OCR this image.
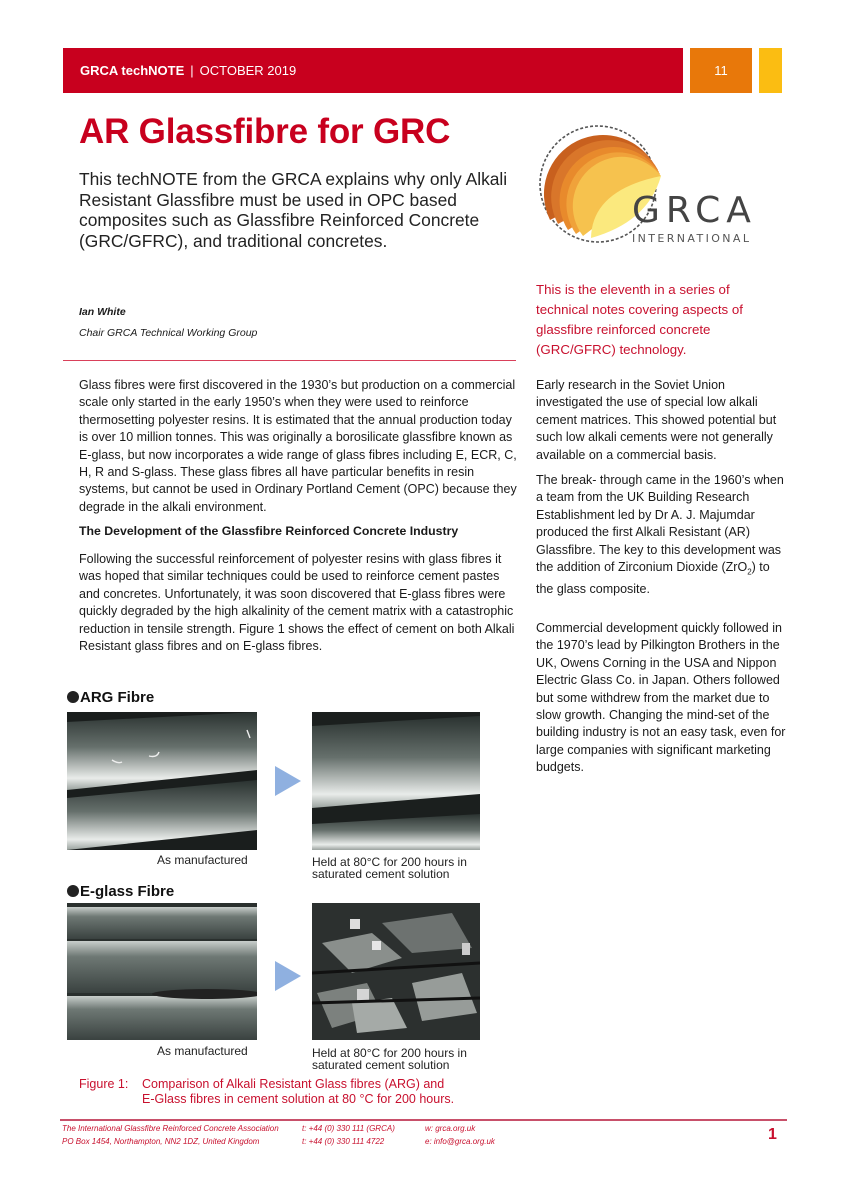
GRCA techNOTE | OCTOBER 2019	11
AR Glassfibre for GRC
This techNOTE from the GRCA explains why only Alkali Resistant Glassfibre must be used in OPC based composites such as Glassfibre Reinforced Concrete (GRC/GFRC), and traditional concretes.
GRCA
INTERNATIONAL
This is the eleventh in a series of technical notes covering aspects of glassfibre reinforced concrete (GRC/GFRC) technology.
Ian White
Chair GRCA Technical Working Group
Glass fibres were first discovered in the 1930’s but production on a commercial scale only started in the early 1950’s when they were used to reinforce thermosetting polyester resins. It is estimated that the annual production today is over 10 million tonnes. This was originally a borosilicate glassfibre known as E-glass, but now incorporates a wide range of glass fibres including E, ECR, C, H, R and S-glass. These glass fibres all have particular benefits in resin systems, but cannot be used in Ordinary Portland Cement (OPC) because they degrade in the alkali environment.
The Development of the Glassfibre Reinforced Concrete Industry
Following the successful reinforcement of polyester resins with glass fibres it was hoped that similar techniques could be used to reinforce cement pastes and concretes. Unfortunately, it was soon discovered that E-glass fibres were quickly degraded by the high alkalinity of the cement matrix with a catastrophic reduction in tensile strength. Figure 1 shows the effect of cement on both Alkali Resistant glass fibres and on E-glass fibres.
Early research in the Soviet Union investigated the use of special low alkali cement matrices. This showed potential but such low alkali cements were not generally available on a commercial basis.
The break- through came in the 1960’s when a team from the UK Building Research Establishment led by Dr A. J. Majumdar produced the first Alkali Resistant (AR) Glassfibre. The key to this development was the addition of Zirconium Dioxide (ZrO$_2$) to the glass composite.
Commercial development quickly followed in the 1970’s lead by Pilkington Brothers in the UK, Owens Corning in the USA and Nippon Electric Glass Co. in Japan. Others followed but some withdrew from the market due to slow growth. Changing the mind-set of the building industry is not an easy task, even for large companies with significant marketing budgets.
ARG Fibre
As manufactured	Held at 80°C for 200 hours in
saturated cement solution
E-glass Fibre
As manufactured	Held at 80°C for 200 hours in
saturated cement solution
Figure 1: Comparison of Alkali Resistant Glass fibres (ARG) and
E-Glass fibres in cement solution at 80 °C for 200 hours.
The International Glassfibre Reinforced Concrete Association
PO Box 1454, Northampton, NN2 1DZ, United Kingdom
t: +44 (0) 330 111 (GRCA)
t: +44 (0) 330 111 4722
w: grca.org.uk
e: info@grca.org.uk	1
